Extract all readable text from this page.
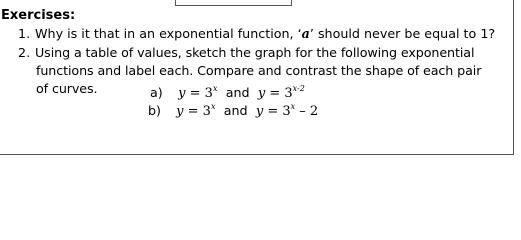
Exercises:
1. Why is it that in an exponential function, ‘a’ should never be equal to 1?
2. Using a table of values, sketch the graph for the following exponential
functions and label each. Compare and contrast the shape of each pair
of curves.	a) $y = 3^x$ and $y = 3^{x-2}$
b) $y = 3^x$ and $y = 3^x - 2$
